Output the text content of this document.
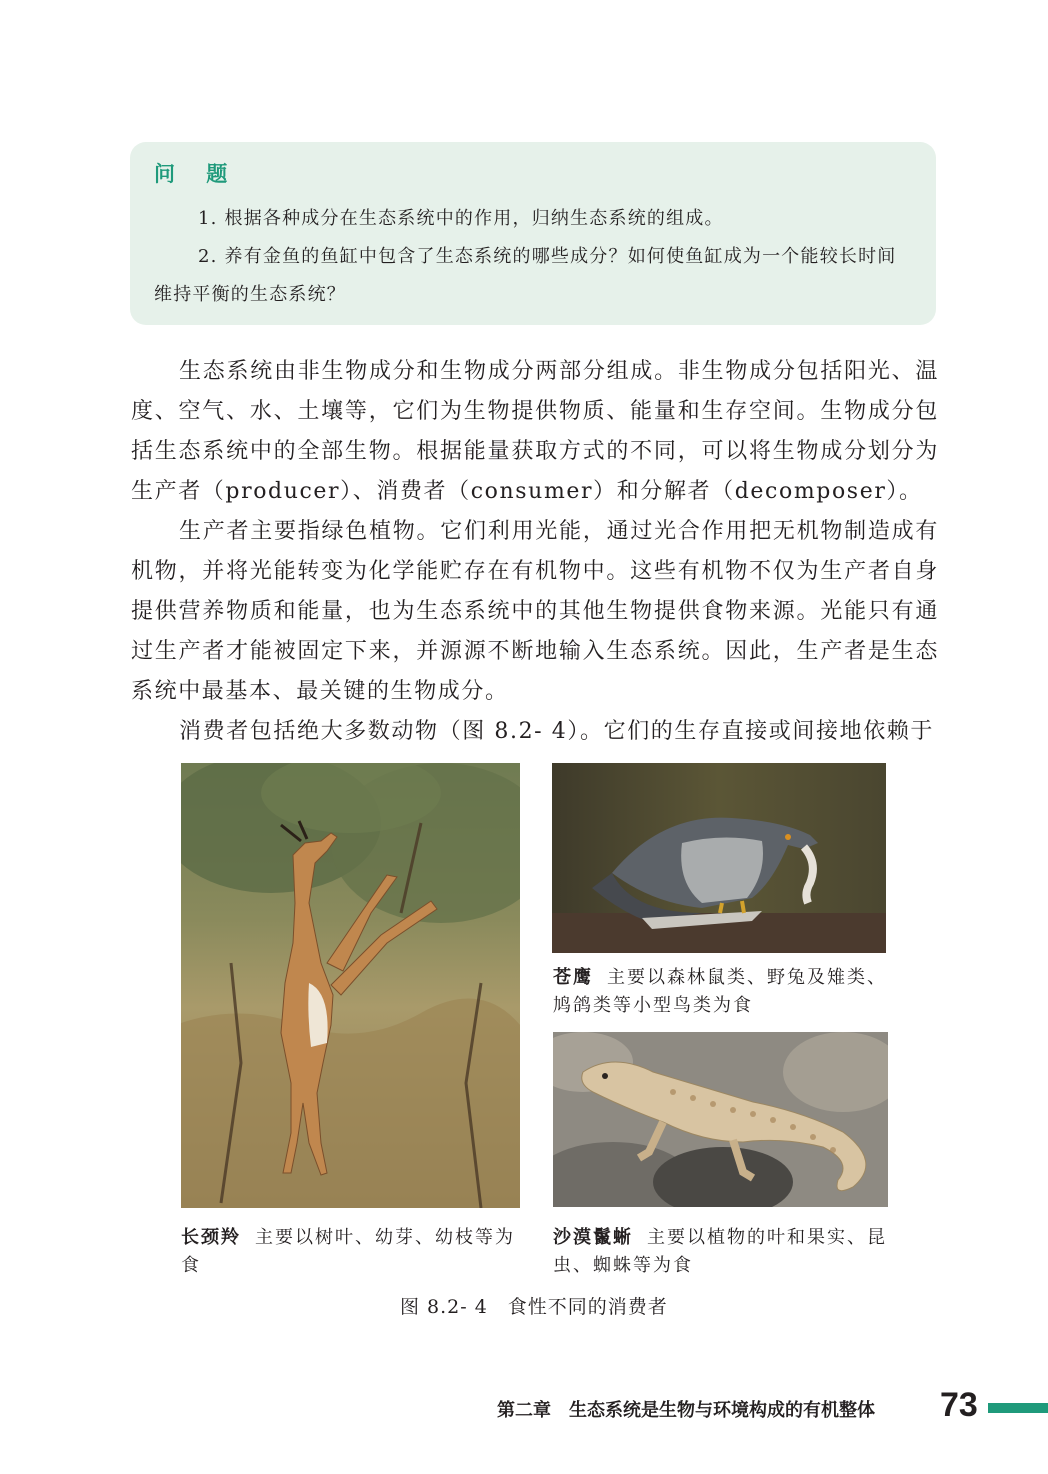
问 题

1. 根据各种成分在生态系统中的作用，归纳生态系统的组成。

2. 养有金鱼的鱼缸中包含了生态系统的哪些成分？如何使鱼缸成为一个能较长时间维持平衡的生态系统？

生态系统由非生物成分和生物成分两部分组成。非生物成分包括阳光、温度、空气、水、土壤等，它们为生物提供物质、能量和生存空间。生物成分包括生态系统中的全部生物。根据能量获取方式的不同，可以将生物成分划分为生产者（producer）、消费者（consumer）和分解者（decomposer）。

生产者主要指绿色植物。它们利用光能，通过光合作用把无机物制造成有机物，并将光能转变为化学能贮存在有机物中。这些有机物不仅为生产者自身提供营养物质和能量，也为生态系统中的其他生物提供食物来源。光能只有通过生产者才能被固定下来，并源源不断地输入生态系统。因此，生产者是生态系统中最基本、最关键的生物成分。

消费者包括绝大多数动物（图 8.2- 4）。它们的生存直接或间接地依赖于

苍鹰 主要以森林鼠类、野兔及雉类、鸠鸽类等小型鸟类为食
长颈羚 主要以树叶、幼芽、幼枝等为食
沙漠鬣蜥 主要以植物的叶和果实、昆虫、蜘蛛等为食
图 8.2- 4　食性不同的消费者
第二章　生态系统是生物与环境构成的有机整体 73
